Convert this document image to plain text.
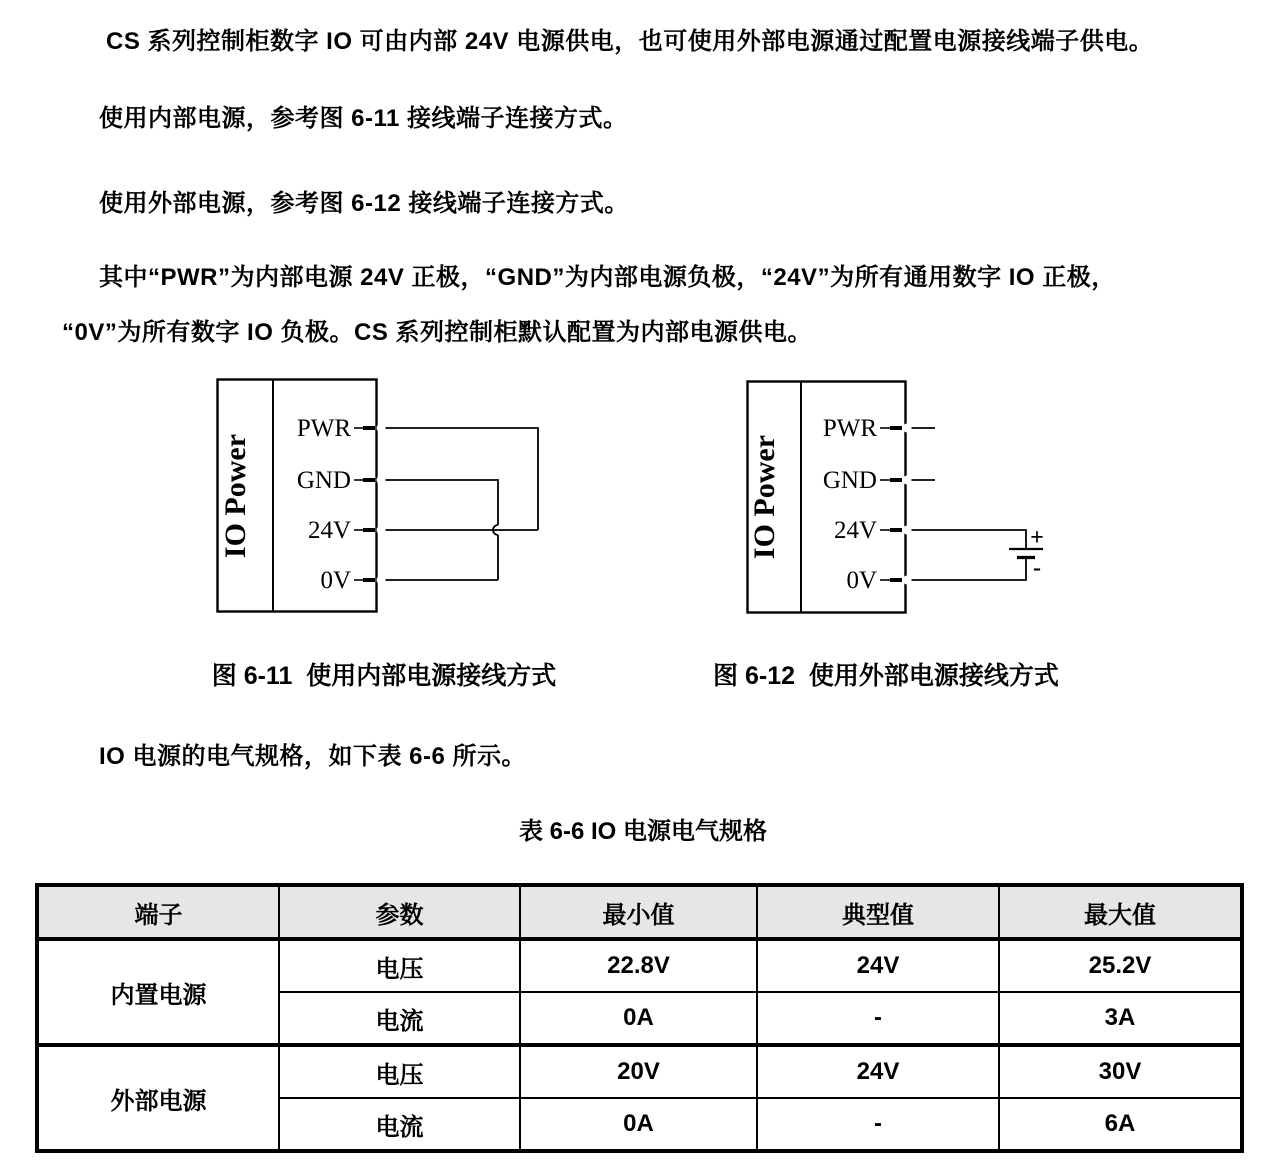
CS 系列控制柜数字 IO 可由内部 24V 电源供电，也可使用外部电源通过配置电源接线端子供电。
使用内部电源，参考图 6-11 接线端子连接方式。
使用外部电源，参考图 6-12 接线端子连接方式。
其中“PWR”为内部电源 24V 正极，“GND”为内部电源负极，“24V”为所有通用数字 IO 正极，
“0V”为所有数字 IO 负极。CS 系列控制柜默认配置为内部电源供电。
IO Power
PWR
GND
24V
0V
IO Power
PWR
GND
24V
0V
+
-
图 6-11  使用内部电源接线方式	图 6-12  使用外部电源接线方式
IO 电源的电气规格，如下表 6-6 所示。
表 6-6 IO 电源电气规格
端子	参数	最小值	典型值	最大值
内置电源	电压	22.8V	24V	25.2V
	电流	0A	-	3A
外部电源	电压	20V	24V	30V
	电流	0A	-	6A
